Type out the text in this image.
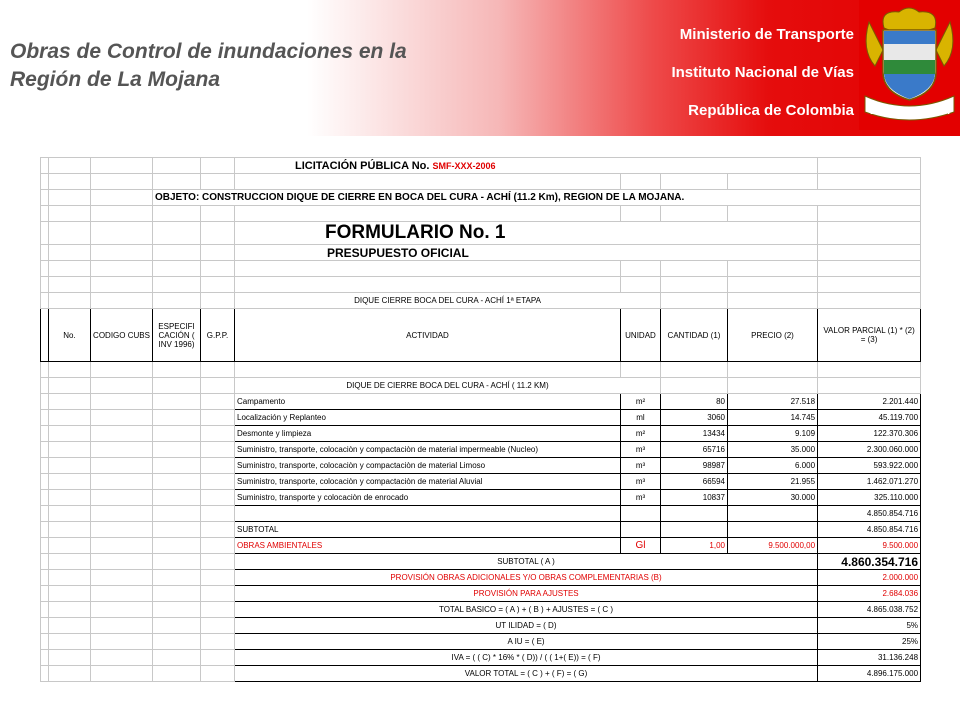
Obras de Control de inundaciones en la
Región de La Mojana
Ministerio de Transporte
Instituto Nacional de Vías
República de Colombia	Libertad y Orden
					LICITACIÓN PÚBLICA No. SMF-XXX-2006				

			OBJETO: CONSTRUCCION DIQUE DE CIERRE EN BOCA DEL CURA - ACHÍ (11.2 Km), REGION DE LA MOJANA.						

					FORMULARIO No. 1				
					PRESUPUESTO OFICIAL				

					DIQUE CIERRE BOCA DEL CURA - ACHÍ 1ª ETAPA				
	No.	CODIGO CUBS	ESPECIFI CACIÓN ( INV 1996)	G.P.P.	ACTIVIDAD	UNIDAD	CANTIDAD (1)	PRECIO (2)	VALOR PARCIAL (1) * (2) = (3)

					DIQUE DE CIERRE BOCA DEL CURA - ACHÍ ( 11.2 KM)				
					Campamento	m²	80	27.518	2.201.440
					Localización y Replanteo	ml	3060	14.745	45.119.700
					Desmonte y limpieza	m²	13434	9.109	122.370.306
					Suministro, transporte, colocaciòn y compactaciòn de material impermeable (Nucleo)	m³	65716	35.000	2.300.060.000
					Suministro, transporte, colocaciòn y compactaciòn de material Limoso	m³	98987	6.000	593.922.000
					Suministro, transporte, colocaciòn y compactaciòn de material Aluvial	m³	66594	21.955	1.462.071.270
					Suministro, transporte y colocaciòn de enrocado	m³	10837	30.000	325.110.000
									4.850.854.716
					SUBTOTAL				4.850.854.716
					OBRAS AMBIENTALES	Gl	1,00	9.500.000,00	9.500.000
					SUBTOTAL ( A )				4.860.354.716
					PROVISIÓN OBRAS ADICIONALES Y/O OBRAS COMPLEMENTARIAS (B)				2.000.000
					PROVISIÓN PARA AJUSTES				2.684.036
					TOTAL BASICO = ( A ) + ( B ) + AJUSTES = ( C )				4.865.038.752
					UT ILIDAD = ( D)				5%
					A IU = ( E)				25%
					IVA = ( ( C) * 16% * ( D)) / ( ( 1+( E)) = ( F)				31.136.248
					VALOR TOTAL = ( C ) + ( F) = ( G)				4.896.175.000
